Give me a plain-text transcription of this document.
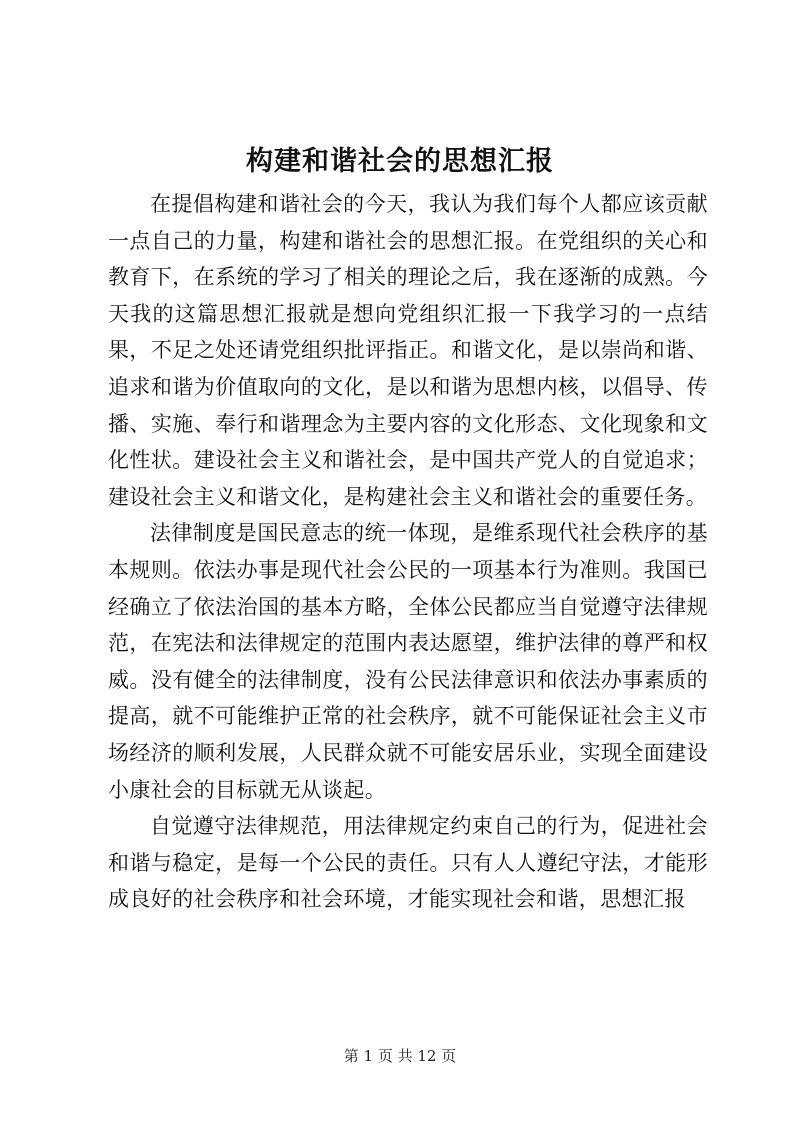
构建和谐社会的思想汇报

在提倡构建和谐社会的今天，我认为我们每个人都应该贡献一点自己的力量，构建和谐社会的思想汇报。在党组织的关心和教育下，在系统的学习了相关的理论之后，我在逐渐的成熟。今天我的这篇思想汇报就是想向党组织汇报一下我学习的一点结果，不足之处还请党组织批评指正。和谐文化，是以崇尚和谐、追求和谐为价值取向的文化，是以和谐为思想内核，以倡导、传播、实施、奉行和谐理念为主要内容的文化形态、文化现象和文化性状。建设社会主义和谐社会，是中国共产党人的自觉追求；建设社会主义和谐文化，是构建社会主义和谐社会的重要任务。

法律制度是国民意志的统一体现，是维系现代社会秩序的基本规则。依法办事是现代社会公民的一项基本行为准则。我国已经确立了依法治国的基本方略，全体公民都应当自觉遵守法律规范，在宪法和法律规定的范围内表达愿望，维护法律的尊严和权威。没有健全的法律制度，没有公民法律意识和依法办事素质的提高，就不可能维护正常的社会秩序，就不可能保证社会主义市场经济的顺利发展，人民群众就不可能安居乐业，实现全面建设小康社会的目标就无从谈起。

自觉遵守法律规范，用法律规定约束自己的行为，促进社会和谐与稳定，是每一个公民的责任。只有人人遵纪守法，才能形成良好的社会秩序和社会环境，才能实现社会和谐，思想汇报

第 1 页 共 12 页
